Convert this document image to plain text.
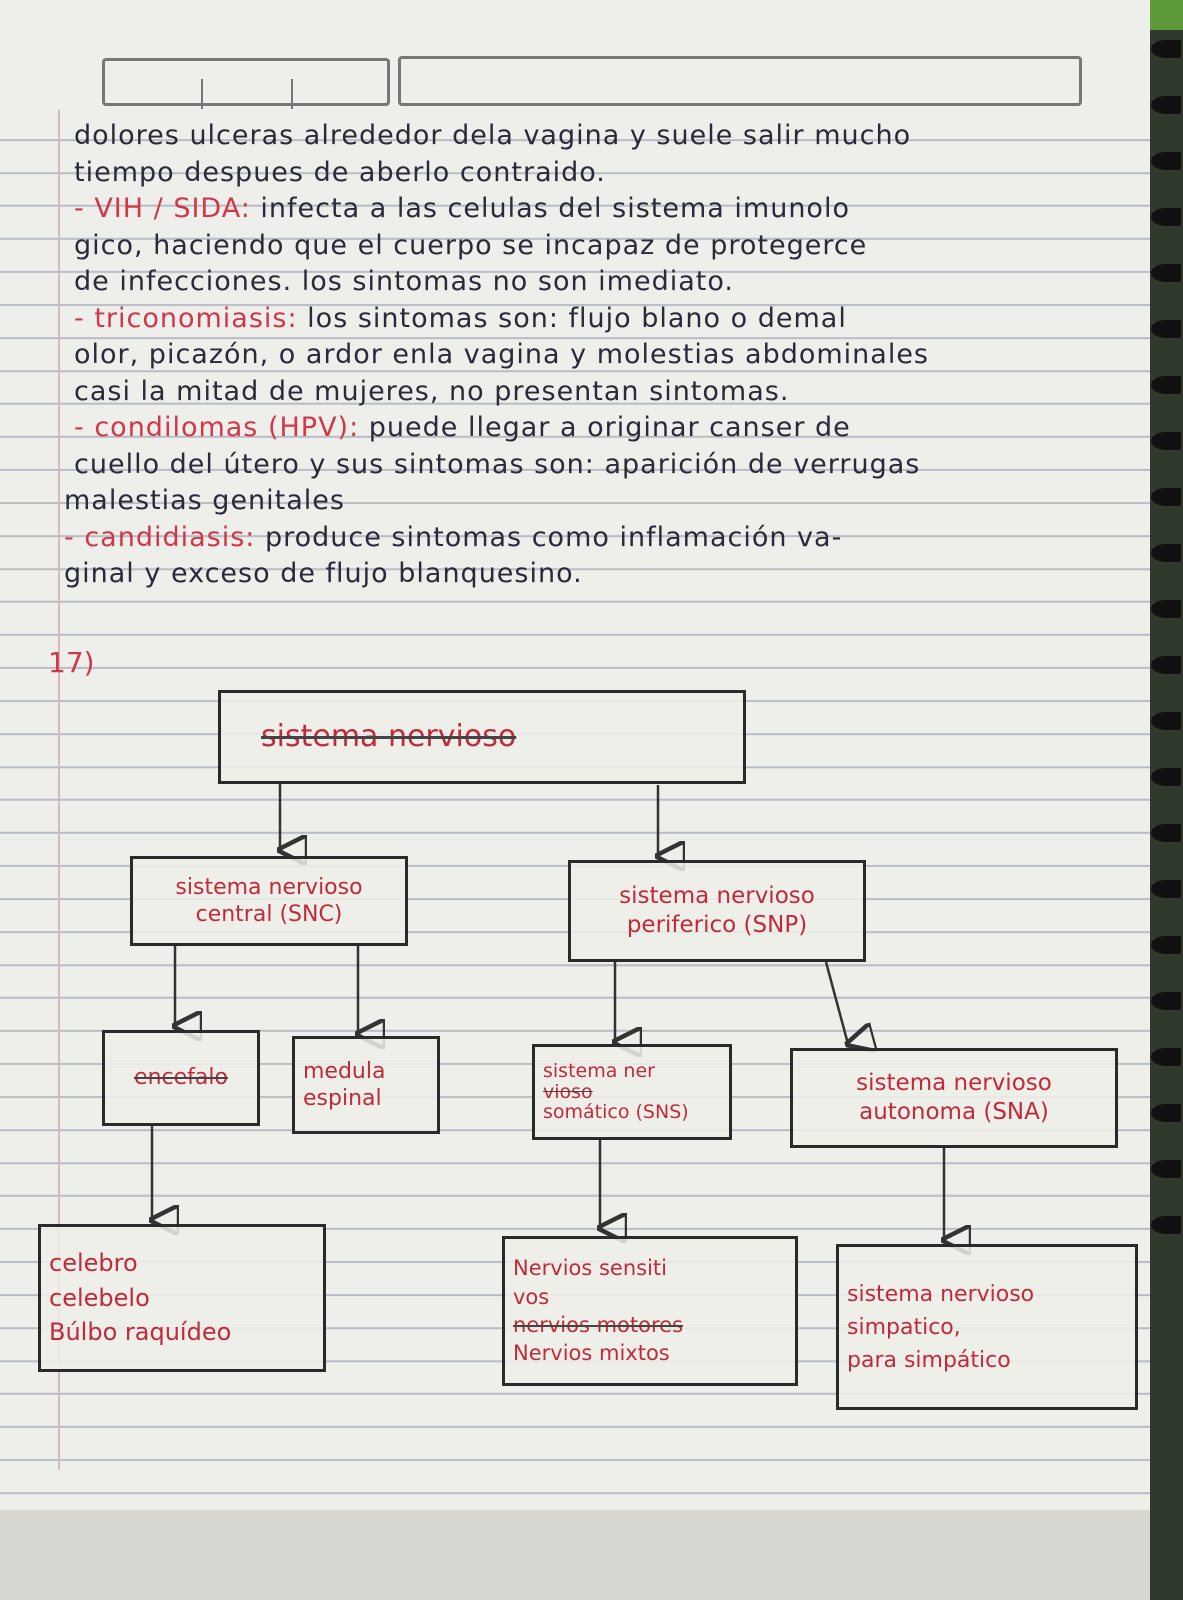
dolores ulceras alrededor dela vagina y suele salir mucho
tiempo despues de aberlo contraido.
- VIH / SIDA: infecta a las celulas del sistema imunolo
gico, haciendo que el cuerpo se incapaz de protegerce
de infecciones. los sintomas no son imediato.
- triconomiasis: los sintomas son: flujo blano o demal
olor, picazón, o ardor enla vagina y molestias abdominales
casi la mitad de mujeres, no presentan sintomas.
- condilomas (HPV): puede llegar a originar canser de
cuello del útero y sus sintomas son: aparición de verrugas
malestias genitales
- candidiasis: produce sintomas como inflamación va-
ginal y exceso de flujo blanquesino.
17)
sistema nervioso
sistema nervioso
central (SNC)
sistema nervioso
periferico (SNP)
encefalo	medula
espinal
sistema ner
vioso
somático (SNS)
sistema nervioso
autonoma (SNA)
celebro
celebelo
Búlbo raquídeo
Nervios sensiti
vos
nervios motores
Nervios mixtos
sistema nervioso
simpatico,
para simpático
